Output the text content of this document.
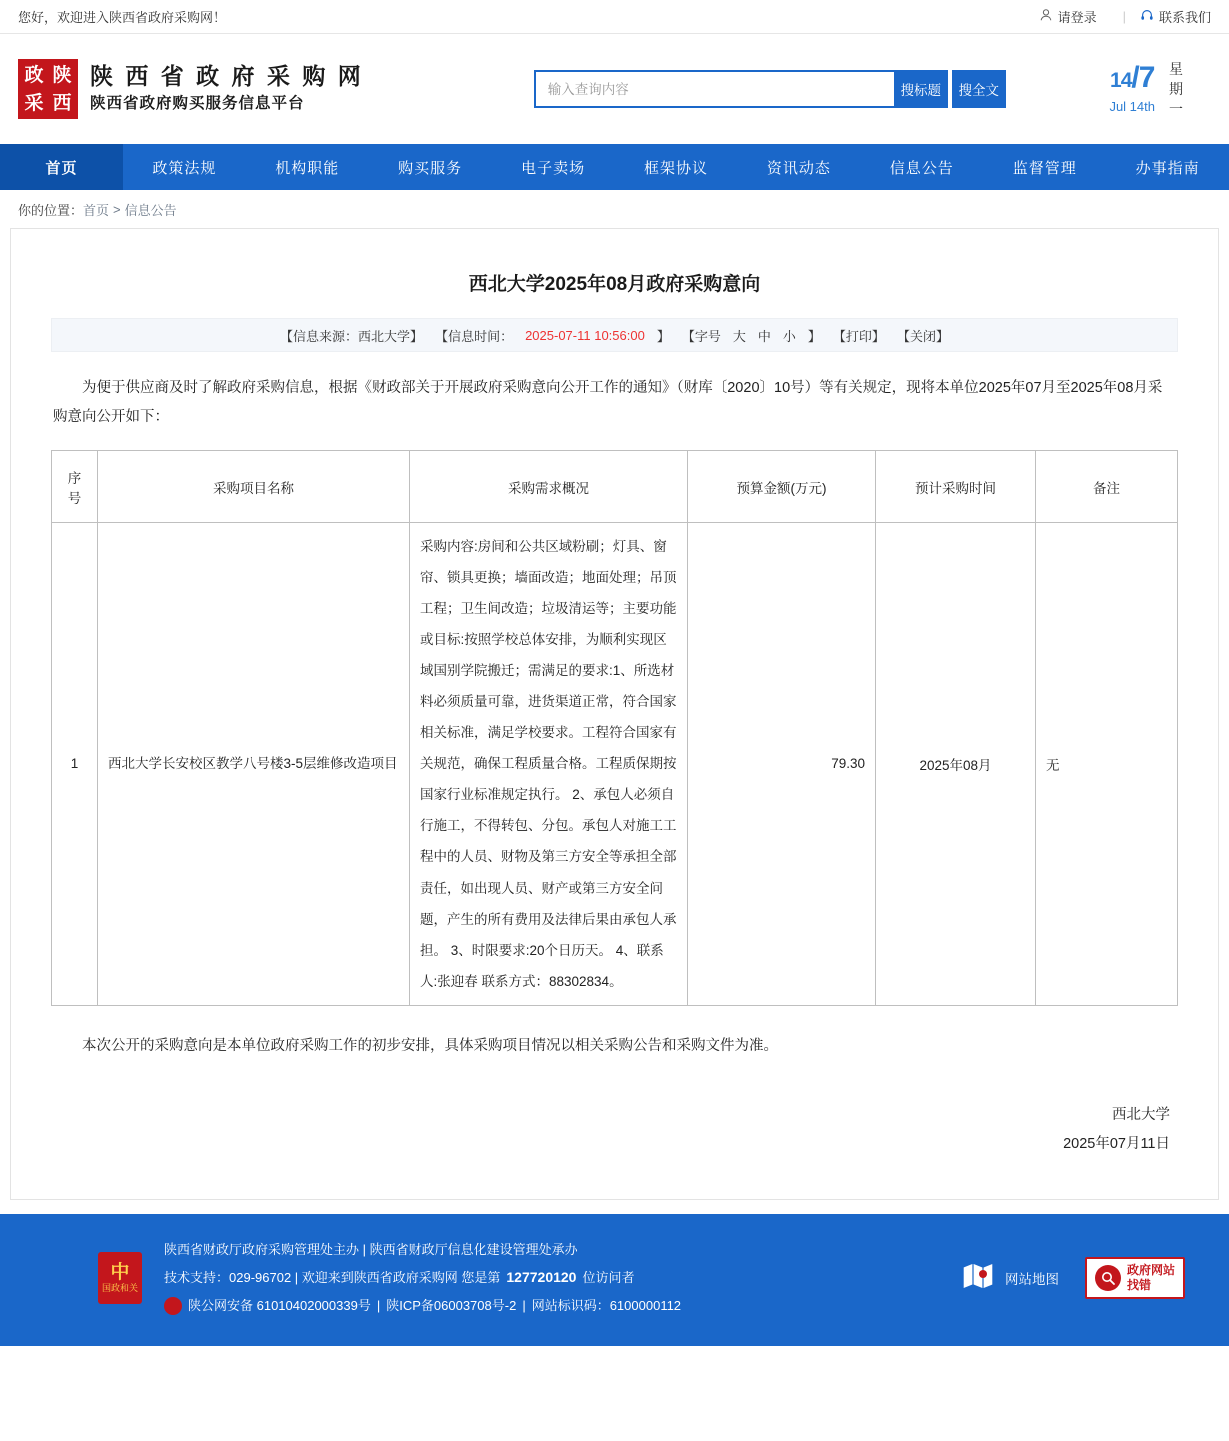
您好，欢迎进入陕西省政府采购网！	请登录 |	联系我们
政 陕
采 西
陕 西 省 政 府 采 购 网
陕西省政府购买服务信息平台
输入查询内容
搜标题	搜全文	14/7
Jul 14th
星
期
一
首页	政策法规	机构职能	购买服务	电子卖场	框架协议	资讯动态	信息公告	监督管理	办事指南
你的位置： 首页 > 信息公告
西北大学2025年08月政府采购意向
【信息来源：西北大学】 【信息时间： 2025-07-11 10:56:00 】 【字号 大 中 小 】 【打印】 【关闭】
为便于供应商及时了解政府采购信息，根据《财政部关于开展政府采购意向公开工作的通知》（财库〔2020〕10号）等有关规定，现将本单位2025年07月至2025年08月采购意向公开如下：
序号	采购项目名称	采购需求概况	预算金额(万元)	预计采购时间	备注
1	西北大学长安校区教学八号楼3-5层维修改造项目	采购内容:房间和公共区域粉刷；灯具、窗帘、锁具更换；墙面改造；地面处理；吊顶工程；卫生间改造；垃圾清运等；主要功能或目标:按照学校总体安排，为顺利实现区域国别学院搬迁；需满足的要求:1、所选材料必须质量可靠，进货渠道正常，符合国家相关标准，满足学校要求。工程符合国家有关规范，确保工程质量合格。工程质保期按国家行业标准规定执行。 2、承包人必须自行施工，不得转包、分包。承包人对施工工程中的人员、财物及第三方安全等承担全部责任，如出现人员、财产或第三方安全问题，产生的所有费用及法律后果由承包人承担。 3、时限要求:20个日历天。 4、联系人:张迎春 联系方式：88302834。	79.30	2025年08月	无
本次公开的采购意向是本单位政府采购工作的初步安排，具体采购项目情况以相关采购公告和采购文件为准。
西北大学
2025年07月11日
中
国政和关
陕西省财政厅政府采购管理处主办 | 陕西省财政厅信息化建设管理处承办
技术支持：029-96702 | 欢迎来到陕西省政府采购网 您是第 127720120 位访问者
陕公网安备 61010402000339号 | 陕ICP备06003708号-2 | 网站标识码：6100000112
网站地图
政府网站
找错
